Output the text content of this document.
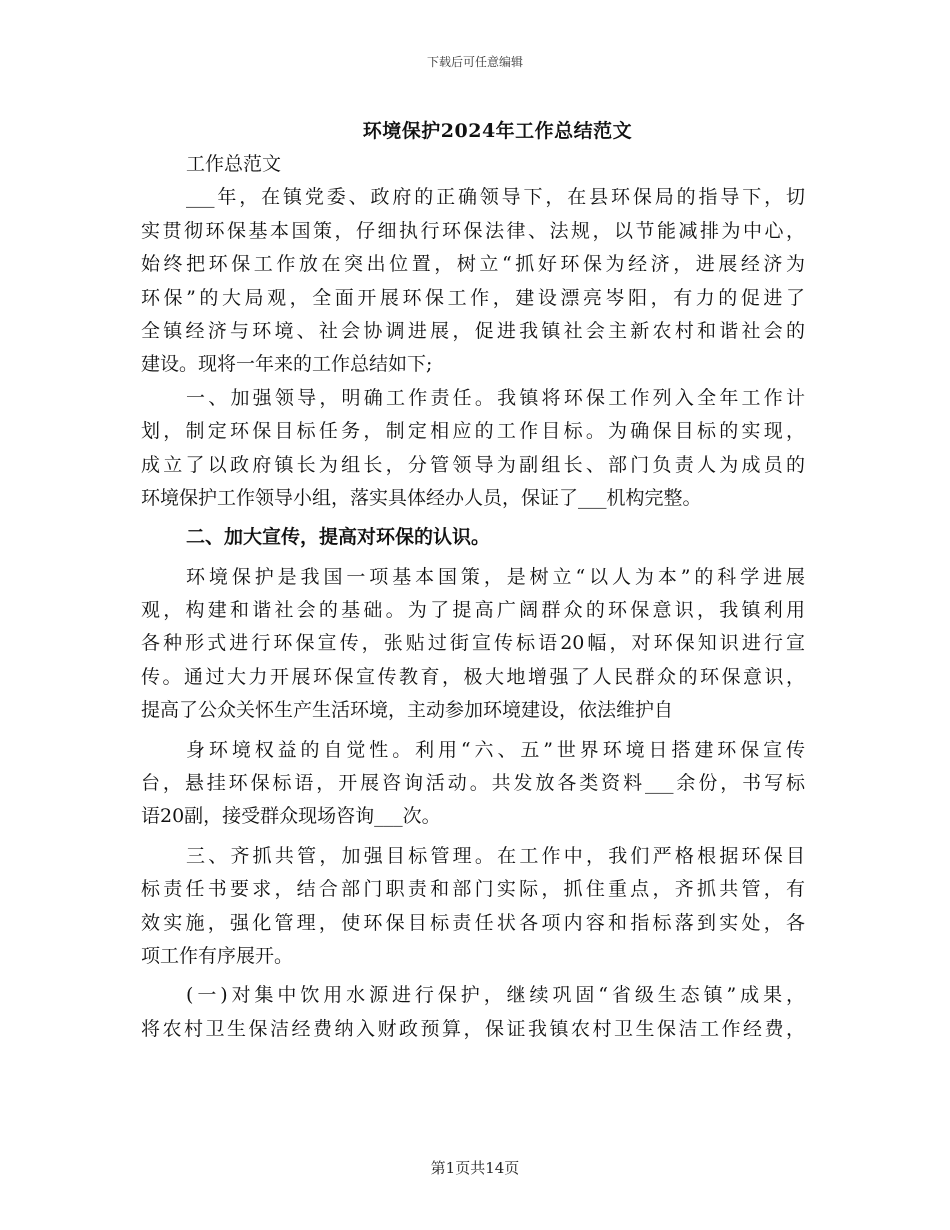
下载后可任意编辑
环境保护2024年工作总结范文
工作总范文
___年，在镇党委、政府的正确领导下，在县环保局的指导下，切
实贯彻环保基本国策，仔细执行环保法律、法规，以节能减排为中心，
始终把环保工作放在突出位置，树立“抓好环保为经济，进展经济为
环保”的大局观，全面开展环保工作，建设漂亮岑阳，有力的促进了
全镇经济与环境、社会协调进展，促进我镇社会主新农村和谐社会的
建设。现将一年来的工作总结如下;
一、加强领导，明确工作责任。我镇将环保工作列入全年工作计
划，制定环保目标任务，制定相应的工作目标。为确保目标的实现，
成立了以政府镇长为组长，分管领导为副组长、部门负责人为成员的
环境保护工作领导小组，落实具体经办人员，保证了___机构完整。
二、加大宣传，提高对环保的认识。
环境保护是我国一项基本国策，是树立“以人为本”的科学进展
观，构建和谐社会的基础。为了提高广阔群众的环保意识，我镇利用
各种形式进行环保宣传，张贴过街宣传标语20幅，对环保知识进行宣
传。通过大力开展环保宣传教育，极大地增强了人民群众的环保意识，
提高了公众关怀生产生活环境，主动参加环境建设，依法维护自
身环境权益的自觉性。利用“六、五”世界环境日搭建环保宣传
台，悬挂环保标语，开展咨询活动。共发放各类资料___余份，书写标
语20副，接受群众现场咨询___次。
三、齐抓共管，加强目标管理。在工作中，我们严格根据环保目
标责任书要求，结合部门职责和部门实际，抓住重点，齐抓共管，有
效实施，强化管理，使环保目标责任状各项内容和指标落到实处，各
项工作有序展开。
(一)对集中饮用水源进行保护，继续巩固“省级生态镇”成果，
将农村卫生保洁经费纳入财政预算，保证我镇农村卫生保洁工作经费，
第1页共14页
